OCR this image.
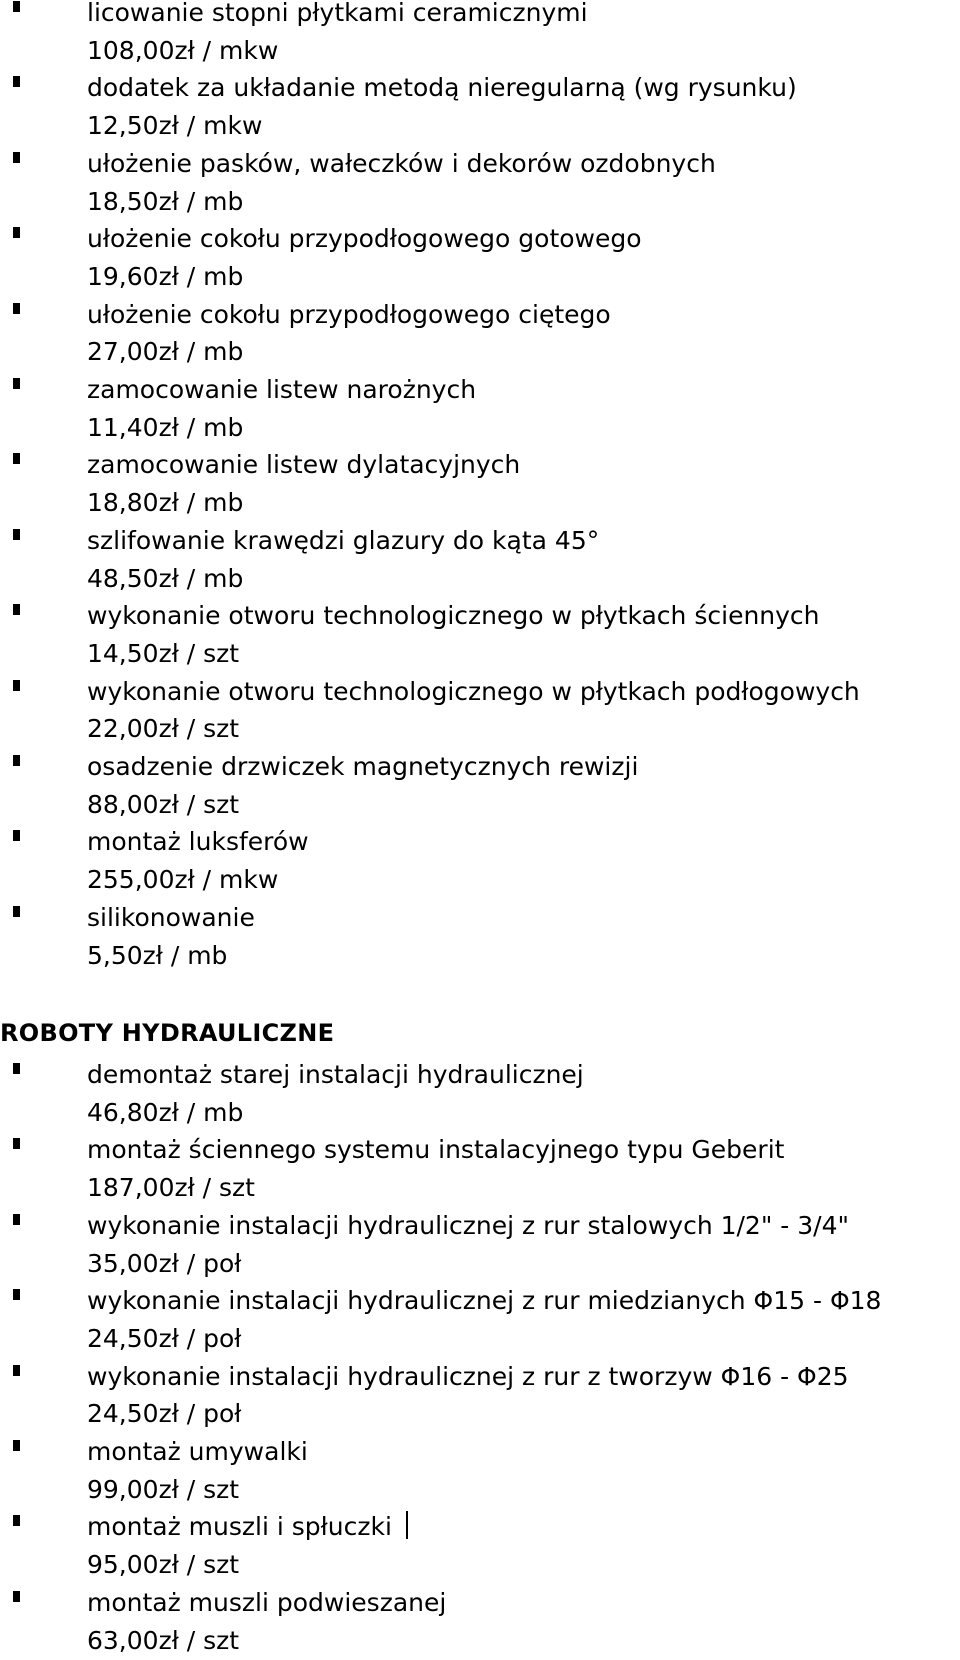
licowanie stopni płytkami ceramicznymi
108,00zł / mkw
dodatek za układanie metodą nieregularną (wg rysunku)
12,50zł / mkw
ułożenie pasków, wałeczków i dekorów ozdobnych
18,50zł / mb
ułożenie cokołu przypodłogowego gotowego
19,60zł / mb
ułożenie cokołu przypodłogowego ciętego
27,00zł / mb
zamocowanie listew narożnych
11,40zł / mb
zamocowanie listew dylatacyjnych
18,80zł / mb
szlifowanie krawędzi glazury do kąta 45°
48,50zł / mb
wykonanie otworu technologicznego w płytkach ściennych
14,50zł / szt
wykonanie otworu technologicznego w płytkach podłogowych
22,00zł / szt
osadzenie drzwiczek magnetycznych rewizji
88,00zł / szt
montaż luksferów
255,00zł / mkw
silikonowanie
5,50zł / mb
ROBOTY HYDRAULICZNE
demontaż starej instalacji hydraulicznej
46,80zł / mb
montaż ściennego systemu instalacyjnego typu Geberit
187,00zł / szt
wykonanie instalacji hydraulicznej z rur stalowych 1/2" - 3/4"
35,00zł / poł
wykonanie instalacji hydraulicznej z rur miedzianych Φ15 - Φ18
24,50zł / poł
wykonanie instalacji hydraulicznej z rur z tworzyw Φ16 - Φ25
24,50zł / poł
montaż umywalki
99,00zł / szt
montaż muszli i spłuczki
95,00zł / szt
montaż muszli podwieszanej
63,00zł / szt
